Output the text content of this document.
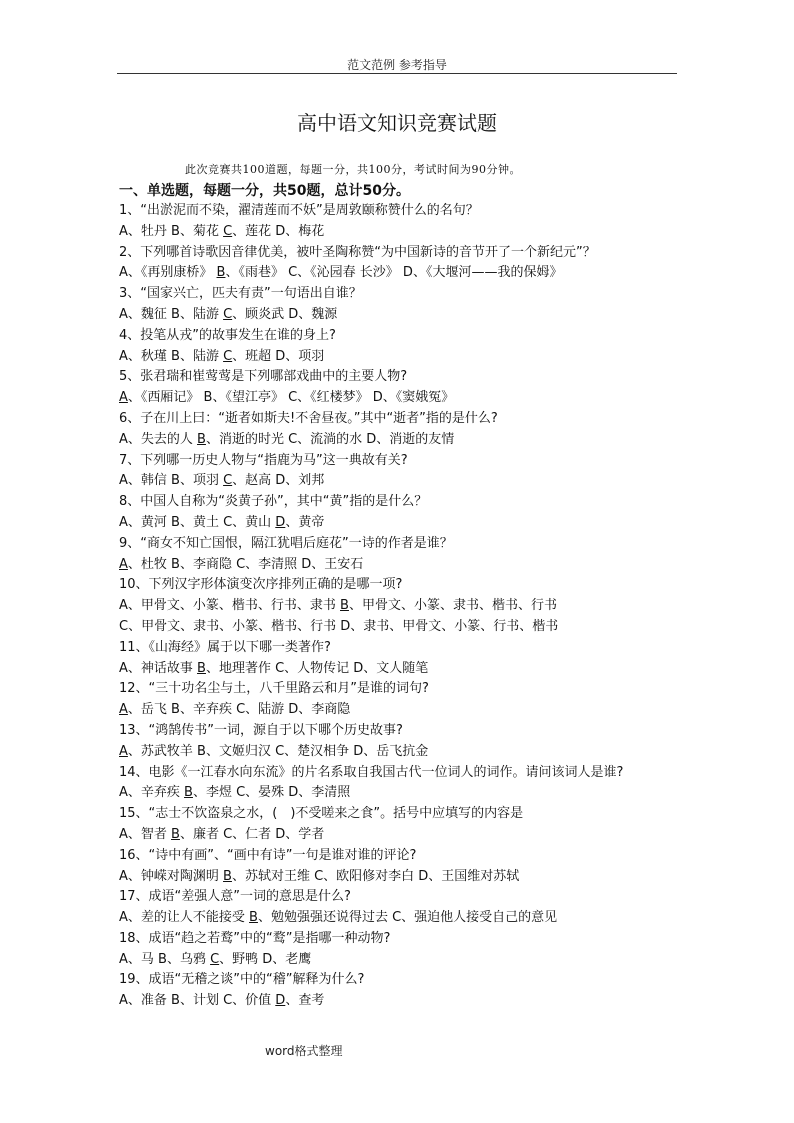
范文范例 参考指导
高中语文知识竞赛试题
此次竞赛共100道题，每题一分，共100分，考试时间为90分钟。
一、单选题，每题一分，共50题，总计50分。
1、“出淤泥而不染，濯清莲而不妖”是周敦颐称赞什么的名句？
A、牡丹 B、菊花 C、莲花 D、梅花
2、下列哪首诗歌因音律优美，被叶圣陶称赞“为中国新诗的音节开了一个新纪元”？
A、《再别康桥》 B、《雨巷》 C、《沁园春 长沙》 D、《大堰河——我的保姆》
3、“国家兴亡，匹夫有责”一句语出自谁？
A、魏征 B、陆游 C、顾炎武 D、魏源
4、投笔从戎”的故事发生在谁的身上?
A、秋瑾 B、陆游 C、班超 D、项羽
5、张君瑞和崔莺莺是下列哪部戏曲中的主要人物?
A、《西厢记》 B、《望江亭》 C、《红楼梦》 D、《窦娥冤》
6、子在川上曰：“逝者如斯夫!不舍昼夜。”其中“逝者”指的是什么?
A、失去的人 B、消逝的时光 C、流淌的水 D、消逝的友情
7、下列哪一历史人物与“指鹿为马”这一典故有关?
A、韩信 B、项羽 C、赵高 D、刘邦
8、中国人自称为“炎黄子孙”，其中“黄”指的是什么？
A、黄河 B、黄土 C、黄山 D、黄帝
9、“商女不知亡国恨，隔江犹唱后庭花”一诗的作者是谁？
A、杜牧 B、李商隐 C、李清照 D、王安石
10、下列汉字形体演变次序排列正确的是哪一项?
A、甲骨文、小篆、楷书、行书、隶书 B、甲骨文、小篆、隶书、楷书、行书
C、甲骨文、隶书、小篆、楷书、行书 D、隶书、甲骨文、小篆、行书、楷书
11、《山海经》属于以下哪一类著作?
A、神话故事 B、地理著作 C、人物传记 D、文人随笔
12、“三十功名尘与土，八千里路云和月”是谁的词句?
A、岳飞 B、辛弃疾 C、陆游 D、李商隐
13、“鸿鹄传书”一词，源自于以下哪个历史故事?
A、苏武牧羊 B、文姬归汉 C、楚汉相争 D、岳飞抗金
14、电影《一江春水向东流》的片名系取自我国古代一位词人的词作。请问该词人是谁?
A、辛弃疾 B、李煜 C、晏殊 D、李清照
15、“志士不饮盗泉之水，(　)不受嗟来之食”。括号中应填写的内容是
A、智者 B、廉者 C、仁者 D、学者
16、“诗中有画”、“画中有诗”一句是谁对谁的评论?
A、钟嵘对陶渊明 B、苏轼对王维 C、欧阳修对李白 D、王国维对苏轼
17、成语“差强人意”一词的意思是什么?
A、差的让人不能接受 B、勉勉强强还说得过去 C、强迫他人接受自己的意见
18、成语“趋之若鹜”中的“鹜”是指哪一种动物?
A、马 B、乌鸦 C、野鸭 D、老鹰
19、成语“无稽之谈”中的“稽”解释为什么?
A、准备 B、计划 C、价值 D、查考
word格式整理
